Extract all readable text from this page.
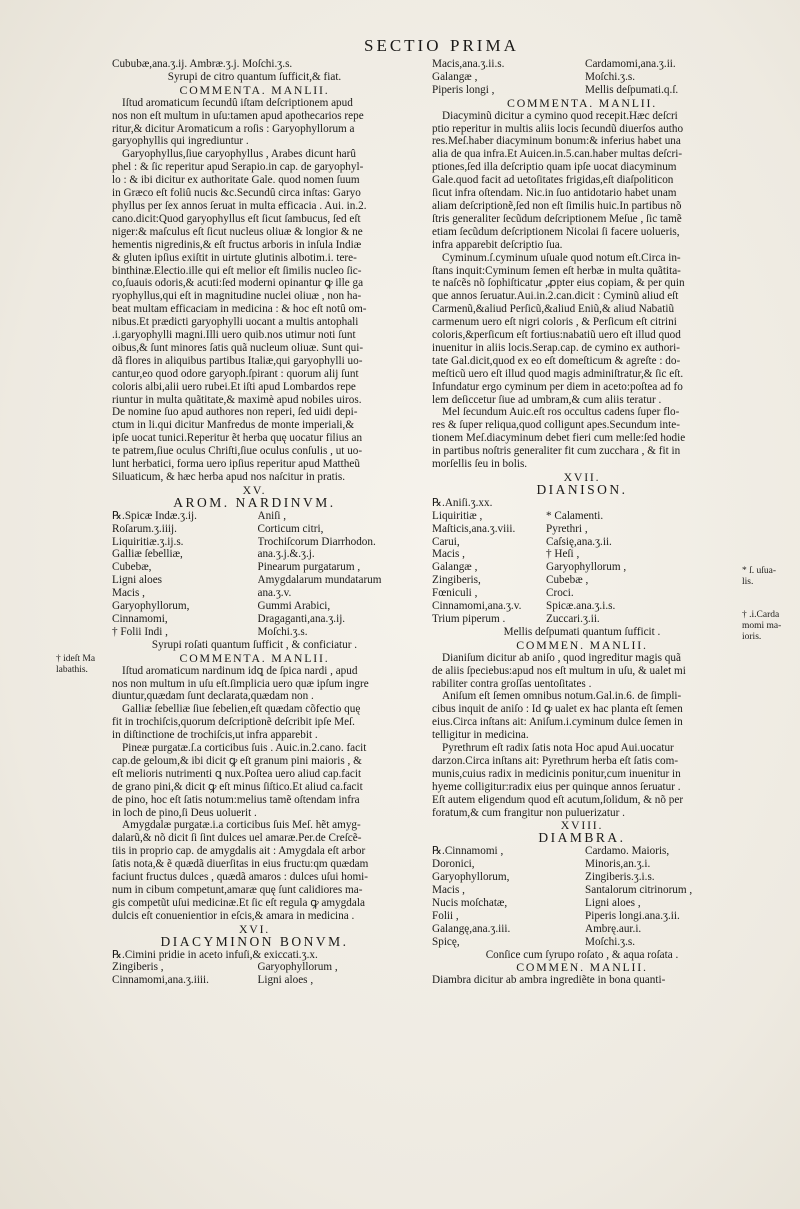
SECTIO PRIMA
Cububæ,ana.ʒ.ij. Ambræ.ʒ.j. Moſchi.ʒ.s.
Syrupi de citro quantum ſufficit,& fiat.
COMMENTA. MANLII.
Iſtud aromaticum ſecundû iſtam deſcriptionem apud
nos non eſt multum in uſu:tamen apud apothecarios repe
ritur,& dicitur Aromaticum a roſis : Garyophyllorum a
garyophyllis qui ingrediuntur .
Garyophyllus,ſiue caryophyllus , Arabes dicunt harû
phel : & ſic reperitur apud Serapio.in cap. de garyophyl-
lo : & ibi dicitur ex authoritate Gale. quod nomen ſuum
in Græco eſt foliû nucis &c.Secundû circa inſtas: Garyo
phyllus per ſex annos ſeruat in multa efficacia . Aui. in.2.
cano.dicit:Quod garyophyllus eſt ſicut ſambucus, ſed eſt
niger:& maſculus eſt ſicut nucleus oliuæ & longior & ne
hementis nigredinis,& eſt fructus arboris in inſula Indiæ
& gluten ipſius exiſtit in uirtute glutinis albotim.i. tere-
binthinæ.Electio.ille qui eſt melior eſt ſimilis nucleo ſic-
co,ſuauis odoris,& acuti:ſed moderni opinantur ꝙ ille ga
ryophyllus,qui eſt in magnitudine nuclei oliuæ , non ha-
beat multam efficaciam in medicina : & hoc eſt notû om-
nibus.Et prædicti garyophylli uocant a multis antophali
.i.garyophylli magni.Illi uero quib.nos utimur noti ſunt
oibus,& ſunt minores ſatis quã nucleum oliuæ. Sunt qui-
dã flores in aliquibus partibus Italiæ,qui garyophylli uo-
cantur,eo quod odore garyoph.ſpirant : quorum alij ſunt
coloris albi,alii uero rubei.Et iſti apud Lombardos repe
riuntur in multa quãtitate,& maximè apud nobiles uiros.
De nomine ſuo apud authores non reperi, ſed uidi depi-
ctum in li.qui dicitur Manfredus de monte imperiali,&
ipſe uocat tunici.Reperitur ẽt herba quę uocatur filius an
te patrem,ſiue oculus Chriſti,ſiue oculus conſulis , ut uo-
lunt herbatici, forma uero ipſius reperitur apud Mattheũ
Siluaticum, & hæc herba apud nos naſcitur in pratis.
XV.
AROM. NARDINVM.
℞.Spicæ Indæ.ʒ.ij.	Aniſi ,
Roſarum.ʒ.iiij.	Corticum citri,
Liquiritiæ.ʒ.ij.s.	Trochiſcorum Diarrhodon.
Galliæ ſebelliæ,	ana.ʒ.j.&.ʒ.j.
Cubebæ,	Pinearum purgatarum ,
Ligni aloes	Amygdalarum mundatarum
Macis ,	ana.ʒ.v.
Garyophyllorum,	Gummi Arabici,
Cinnamomi,	Dragaganti,ana.ʒ.ij.
† Folii Indi ,	Moſchi.ʒ.s.
Syrupi roſati quantum ſufficit , & conficiatur .
COMMENTA. MANLII.
Iſtud aromaticum nardinum idꝗ de ſpica nardi , apud
nos non multum in uſu eſt.ſimplicia uero quæ ipſum ingre
diuntur,quædam ſunt declarata,quædam non .
Galliæ ſebelliæ ſiue ſebelien,eſt quædam cõfectio quę
fit in trochiſcis,quorum deſcriptionẽ deſcribit ipſe Meſ.
in diſtinctione de trochiſcis,ut infra apparebit .
Pineæ purgatæ.ſ.a corticibus ſuis . Auic.in.2.cano. facit
cap.de geloum,& ibi dicit ꝙ eſt granum pini maioris , &
eſt melioris nutrimenti ꝗ nux.Poſtea uero aliud cap.facit
de grano pini,& dicit ꝙ eſt minus ſiſtico.Et aliud ca.facit
de pino, hoc eſt ſatis notum:melius tamẽ oſtendam infra
in loch de pino,ſi Deus uoluerit .
Amygdalæ purgatæ.i.a corticibus ſuis Meſ. hẽt amyg-
dalarũ,& nõ dicit ſi ſint dulces uel amaræ.Per.de Creſcẽ-
tiis in proprio cap. de amygdalis ait : Amygdala eſt arbor
ſatis nota,& ẽ quædã diuerſitas in eius fructu:qm quædam
faciunt fructus dulces , quædã amaros : dulces uſui homi-
num in cibum competunt,amaræ quę ſunt calidiores ma-
gis competũt uſui medicinæ.Et ſic eſt regula ꝙ amygdala
dulcis eſt conuenientior in eſcis,& amara in medicina .
XVI.
DIACYMINON BONVM.
℞.Cimini pridie in aceto infuſi,& exiccati.ʒ.x.
Zingiberis ,	Garyophyllorum ,
Cinnamomi,ana.ʒ.iiii.	Ligni aloes ,
Macis,ana.ʒ.ii.s.	Cardamomi,ana.ʒ.ii.
Galangæ ,	Moſchi.ʒ.s.
Piperis longi ,	Mellis deſpumati.q.ſ.
COMMENTA. MANLII.
Diacyminũ dicitur a cymino quod recepit.Hæc deſcri
ptio reperitur in multis aliis locis ſecundũ diuerſos autho
res.Meſ.haber diacyminum bonum:& inferius habet una
alia de qua infra.Et Auicen.in.5.can.haber multas deſcri-
ptiones,ſed illa deſcriptio quam ipſe uocat diacyminum
Gale.quod facit ad uetoſitates frigidas,eſt diaſpoliticon
ſicut infra oſtendam. Nic.in ſuo antidotario habet unam
aliam deſcriptionẽ,ſed non eſt ſimilis huic.In partibus nõ
ſtris generaliter ſecũdum deſcriptionem Meſue , ſic tamẽ
etiam ſecũdum deſcriptionem Nicolai ſi facere uolueris,
infra apparebit deſcriptio ſua.
Cyminum.ſ.cyminum uſuale quod notum eſt.Circa in-
ſtans inquit:Cyminum ſemen eſt herbæ in multa quãtita-
te naſcẽs nõ ſophiſticatur ,ꝓpter eius copiam, & per quin
que annos ſeruatur.Aui.in.2.can.dicit : Cyminũ aliud eſt
Carmenũ,&aliud Perſicũ,&aliud Eniũ,& aliud Nabatiũ
carmenum uero eſt nigri coloris , & Perſicum eſt citrini
coloris,&perſicum eſt fortius:nabatiũ uero eſt illud quod
inuenitur in aliis locis.Serap.cap. de cymino ex authori-
tate Gal.dicit,quod ex eo eſt domeſticum & agreſte : do-
meſticũ uero eſt illud quod magis adminiſtratur,& ſic eſt.
Infundatur ergo cyminum per diem in aceto:poſtea ad fo
lem deſiccetur ſiue ad umbram,& cum aliis teratur .
Mel ſecundum Auic.eſt ros occultus cadens ſuper flo-
res & ſuper reliqua,quod colligunt apes.Secundum inte-
tionem Meſ.diacyminum debet fieri cum melle:ſed hodie
in partibus noſtris generaliter fit cum zucchara , & fit in
morſellis ſeu in bolis.
XVII.
DIANISON.
℞.Aniſi.ʒ.xx.
Liquiritiæ ,	* Calamenti.
Maſticis,ana.ʒ.viii.	Pyrethri ,
Carui,	Caſsię,ana.ʒ.ii.
Macis ,	† Heſi ,
Galangæ ,	Garyophyllorum ,
Zingiberis,	Cubebæ ,
Fœniculi ,	Croci.
Cinnamomi,ana.ʒ.v.	Spicæ.ana.ʒ.i.s.
Trium piperum .	Zuccari.ʒ.ii.
Mellis deſpumati quantum ſufficit .
COMMEN. MANLII.
Dianiſum dicitur ab aniſo , quod ingreditur magis quã
de aliis ſpeciebus:apud nos eſt multum in uſu, & ualet mi
rabiliter contra groſſas uentoſitates .
Aniſum eſt ſemen omnibus notum.Gal.in.6. de ſimpli-
cibus inquit de aniſo : Id ꝙ ualet ex hac planta eſt ſemen
eius.Circa inſtans ait: Aniſum.i.cyminum dulce ſemen in
telligitur in medicina.
Pyrethrum eſt radix ſatis nota Hoc apud Aui.uocatur
darzon.Circa inſtans ait: Pyrethrum herba eſt ſatis com-
munis,cuius radix in medicinis ponitur,cum inuenitur in
hyeme colligitur:radix eius per quinque annos ſeruatur .
Eſt autem eligendum quod eſt acutum,ſolidum, & nõ per
foratum,& cum frangitur non puluerizatur .
XVIII.
DIAMBRA.
℞.Cinnamomi ,	Cardamo. Maioris,
Doronici,	Minoris,an.ʒ.i.
Garyophyllorum,	Zingiberis.ʒ.i.s.
Macis ,	Santalorum citrinorum ,
Nucis moſchatæ,	Ligni aloes ,
Folii ,	Piperis longi.ana.ʒ.ii.
Galangę,ana.ʒ.iii.	Ambrę.aur.i.
Spicę,	Moſchi.ʒ.s.
Conſice cum ſyrupo roſato , & aqua roſata .
COMMEN. MANLII.
Diambra dicitur ab ambra ingrediẽte in bona quanti-
† ideſt Ma
labathis.
* ſ. uſua-
lis.
† .i.Carda
momi ma-
ioris.
